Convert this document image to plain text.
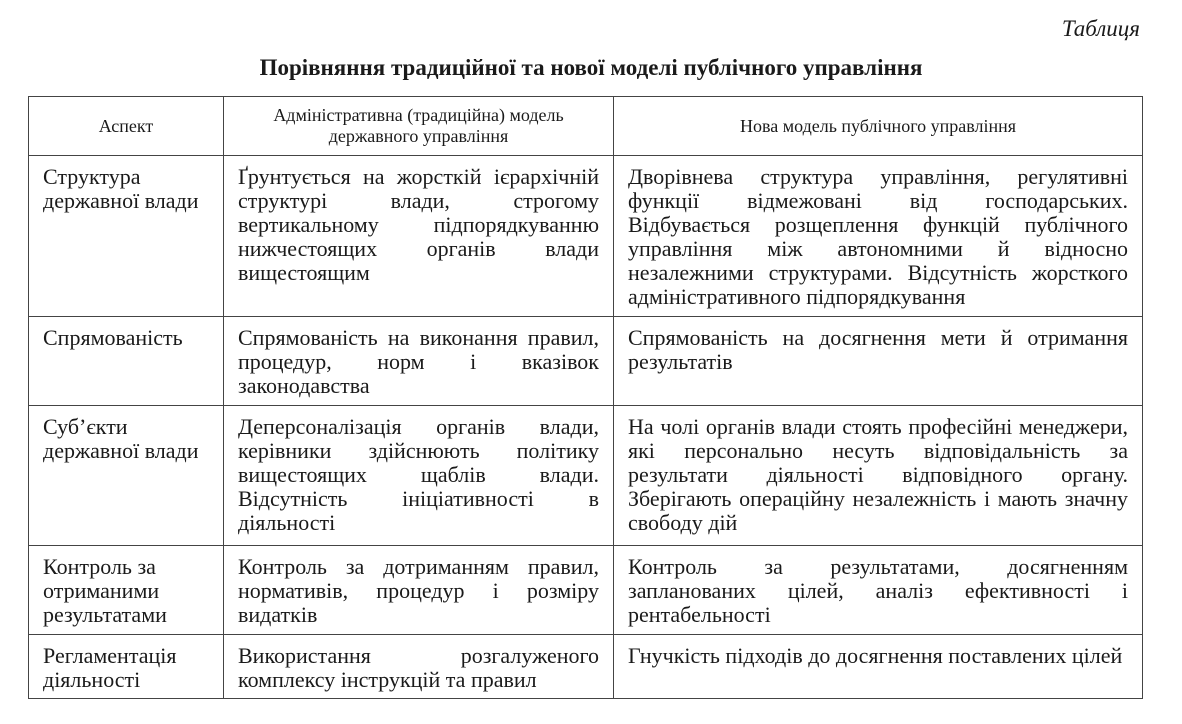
Таблиця
Порівняння традиційної та нової моделі публічного управління
Аспект	Адміністративна (традиційна) модель державного управління	Нова модель публічного управління
Структура державної влади	Ґрунтується на жорсткій ієрархічній структурі влади, строгому вертикальному підпорядкуванню нижчестоящих органів влади вищестоящим	Дворівнева структура управління, регулятивні функції відмежовані від господарських. Відбувається розщеплення функцій публічного управління між автономними й відносно незалежними структурами. Відсутність жорсткого адміністративного підпорядкування
Спрямованість	Спрямованість на виконання правил, процедур, норм і вказівок законодавства	Спрямованість на досягнення мети й отримання результатів
Суб’єкти державної влади	Деперсоналізація органів влади, керівники здійснюють політику вищестоящих щаблів влади. Відсутність ініціативності в діяльності	На чолі органів влади стоять професійні менеджери, які персонально несуть відповідальність за результати діяльності відповідного органу. Зберігають операційну незалежність і мають значну свободу дій
Контроль за отриманими результатами	Контроль за дотриманням правил, нормативів, процедур і розміру видатків	Контроль за результатами, досягненням запланованих цілей, аналіз ефективності і рентабельності
Регламентація діяльності	Використання розгалуженого комплексу інструкцій та правил	Гнучкість підходів до досягнення поставлених цілей
